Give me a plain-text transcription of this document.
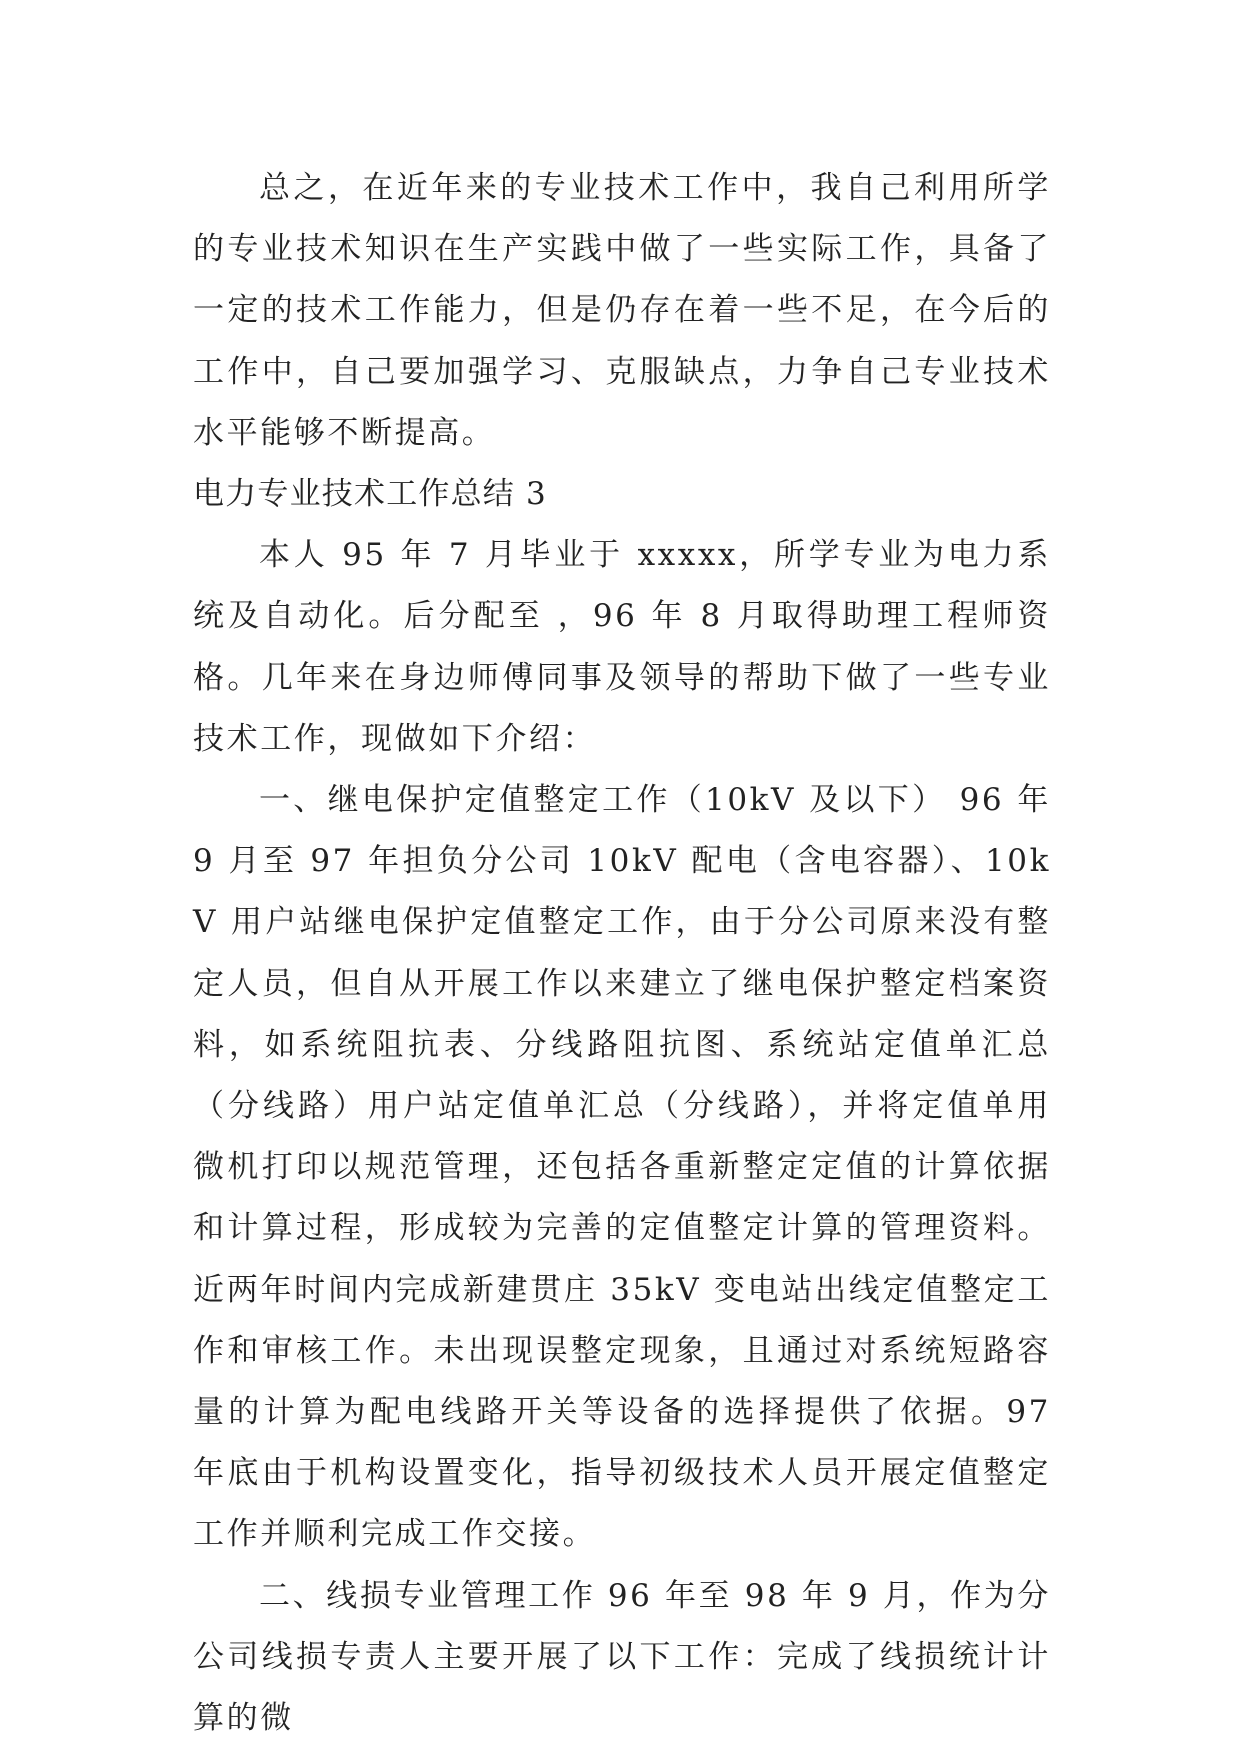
总之，在近年来的专业技术工作中，我自己利用所学的专业技术知识在生产实践中做了一些实际工作，具备了一定的技术工作能力，但是仍存在着一些不足，在今后的工作中，自己要加强学习、克服缺点，力争自己专业技术水平能够不断提高。

电力专业技术工作总结 3

本人 95 年 7 月毕业于 xxxxx，所学专业为电力系统及自动化。后分配至 ，96 年 8 月取得助理工程师资格。几年来在身边师傅同事及领导的帮助下做了一些专业技术工作，现做如下介绍：

一、继电保护定值整定工作（10kV 及以下） 96 年 9 月至 97 年担负分公司 10kV 配电（含电容器）、10kV 用户站继电保护定值整定工作，由于分公司原来没有整定人员，但自从开展工作以来建立了继电保护整定档案资料，如系统阻抗表、分线路阻抗图、系统站定值单汇总（分线路）用户站定值单汇总（分线路），并将定值单用微机打印以规范管理，还包括各重新整定定值的计算依据和计算过程，形成较为完善的定值整定计算的管理资料。近两年时间内完成新建贯庄 35kV 变电站出线定值整定工作和审核工作。未出现误整定现象，且通过对系统短路容量的计算为配电线路开关等设备的选择提供了依据。97 年底由于机构设置变化，指导初级技术人员开展定值整定工作并顺利完成工作交接。

二、线损专业管理工作 96 年至 98 年 9 月，作为分公司线损专责人主要开展了以下工作：完成了线损统计计算的微
